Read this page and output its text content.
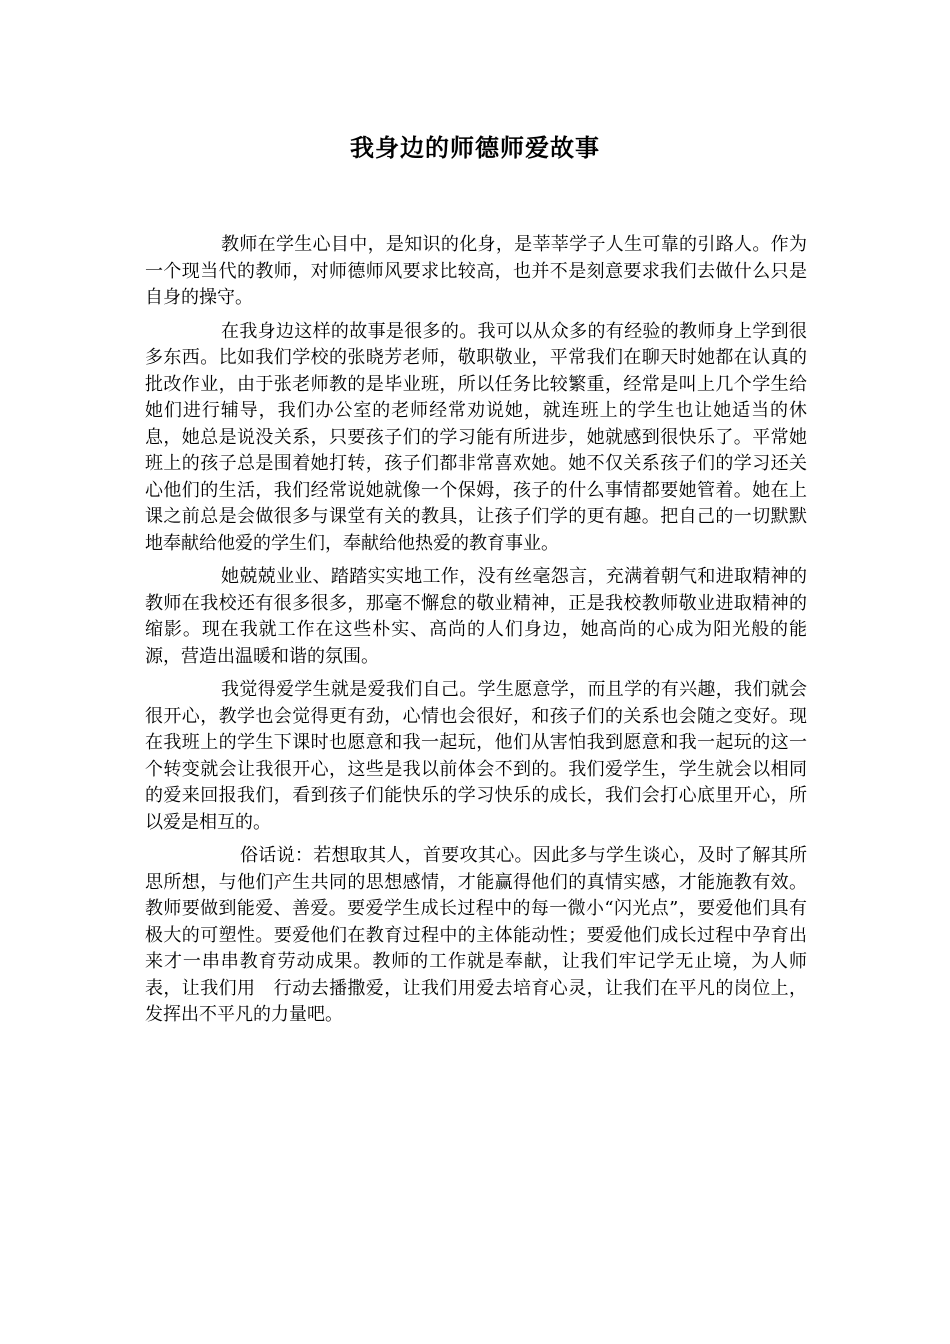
我身边的师德师爱故事

教师在学生心目中，是知识的化身，是莘莘学子人生可靠的引路人。作为一个现当代的教师，对师德师风要求比较高，也并不是刻意要求我们去做什么只是自身的操守。

在我身边这样的故事是很多的。我可以从众多的有经验的教师身上学到很多东西。比如我们学校的张晓芳老师，敬职敬业，平常我们在聊天时她都在认真的批改作业，由于张老师教的是毕业班，所以任务比较繁重，经常是叫上几个学生给她们进行辅导，我们办公室的老师经常劝说她，就连班上的学生也让她适当的休息，她总是说没关系，只要孩子们的学习能有所进步，她就感到很快乐了。平常她班上的孩子总是围着她打转，孩子们都非常喜欢她。她不仅关系孩子们的学习还关心他们的生活，我们经常说她就像一个保姆，孩子的什么事情都要她管着。她在上课之前总是会做很多与课堂有关的教具，让孩子们学的更有趣。把自己的一切默默地奉献给他爱的学生们，奉献给他热爱的教育事业。

她兢兢业业、踏踏实实地工作，没有丝毫怨言，充满着朝气和进取精神的教师在我校还有很多很多，那毫不懈怠的敬业精神，正是我校教师敬业进取精神的缩影。现在我就工作在这些朴实、高尚的人们身边，她高尚的心成为阳光般的能源，营造出温暖和谐的氛围。

我觉得爱学生就是爱我们自己。学生愿意学，而且学的有兴趣，我们就会很开心，教学也会觉得更有劲，心情也会很好，和孩子们的关系也会随之变好。现在我班上的学生下课时也愿意和我一起玩，他们从害怕我到愿意和我一起玩的这一个转变就会让我很开心，这些是我以前体会不到的。我们爱学生，学生就会以相同的爱来回报我们，看到孩子们能快乐的学习快乐的成长，我们会打心底里开心，所以爱是相互的。

俗话说：若想取其人，首要攻其心。因此多与学生谈心，及时了解其所思所想，与他们产生共同的思想感情，才能赢得他们的真情实感，才能施教有效。教师要做到能爱、善爱。要爱学生成长过程中的每一微小“闪光点”，要爱他们具有极大的可塑性。要爱他们在教育过程中的主体能动性；要爱他们成长过程中孕育出来才一串串教育劳动成果。教师的工作就是奉献，让我们牢记学无止境，为人师表，让我们用　行动去播撒爱，让我们用爱去培育心灵，让我们在平凡的岗位上，发挥出不平凡的力量吧。
